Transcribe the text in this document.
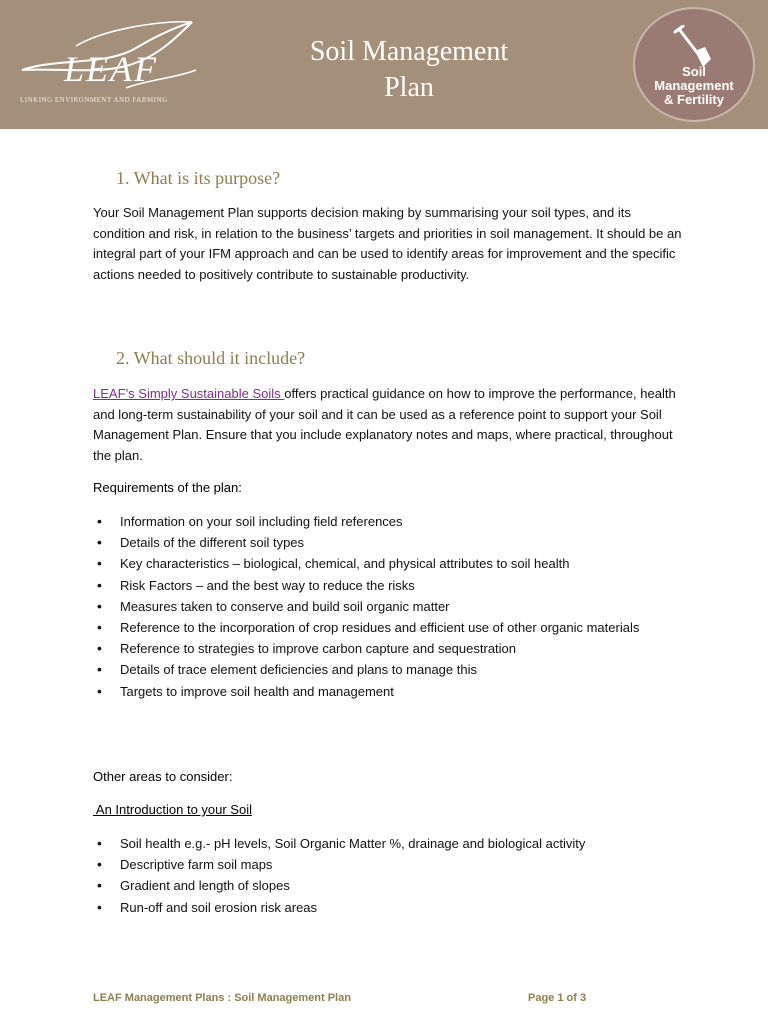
LEAF
LINKING ENVIRONMENT AND FARMING
Soil Management
Plan
Soil
Management
& Fertility
1. What is its purpose?
Your Soil Management Plan supports decision making by summarising your soil types, and its condition and risk, in relation to the business’ targets and priorities in soil management. It should be an integral part of your IFM approach and can be used to identify areas for improvement and the specific actions needed to positively contribute to sustainable productivity.
2. What should it include?
LEAF’s Simply Sustainable Soils offers practical guidance on how to improve the performance, health and long-term sustainability of your soil and it can be used as a reference point to support your Soil Management Plan. Ensure that you include explanatory notes and maps, where practical, throughout the plan.
Requirements of the plan:
• Information on your soil including field references
• Details of the different soil types
• Key characteristics – biological, chemical, and physical attributes to soil health
• Risk Factors – and the best way to reduce the risks
• Measures taken to conserve and build soil organic matter
• Reference to the incorporation of crop residues and efficient use of other organic materials
• Reference to strategies to improve carbon capture and sequestration
• Details of trace element deficiencies and plans to manage this
• Targets to improve soil health and management
Other areas to consider:
An Introduction to your Soil
• Soil health e.g.- pH levels, Soil Organic Matter %, drainage and biological activity
• Descriptive farm soil maps
• Gradient and length of slopes
• Run-off and soil erosion risk areas
LEAF Management Plans : Soil Management Plan	Page 1 of 3
